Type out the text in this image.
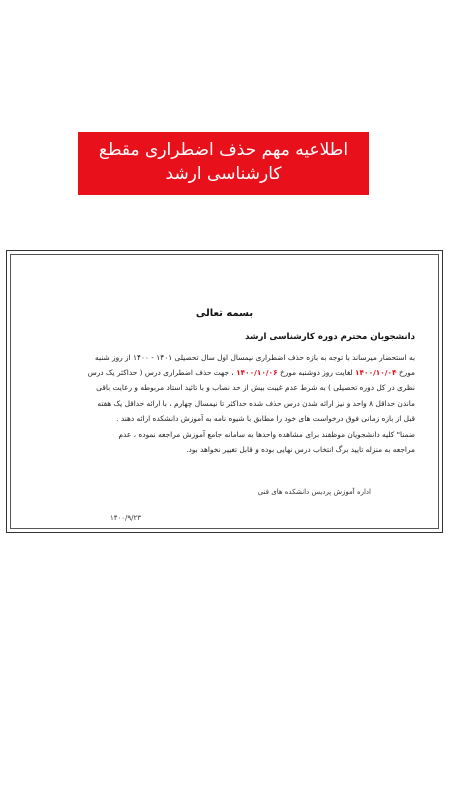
اطلاعیه مهم حذف اضطراری مقطع
کارشناسی ارشد
بسمه تعالی
دانشجویان محترم دوره کارشناسی ارشد
به استحضار میرساند با توجه به بازه حذف اضطراری نیمسال اول سال تحصیلی ۱۴۰۱ - ۱۴۰۰ از روز شنبه
مورخ ۱۴۰۰/۱۰/۰۴ لغایت روز دوشنبه مورخ ۱۴۰۰/۱۰/۰۶ ، جهت حذف اضطراری درس ( حداکثر یک درس
نظری در کل دوره تحصیلی ) به شرط عدم غیبت بیش از حد نصاب و با تائید استاد مربوطه و رعایت باقی
ماندن حداقل ۸ واحد و نیز ارائه شدن درس حذف شده حداکثر تا نیمسال چهارم ، با ارائه حداقل یک هفته
قبل از بازه زمانی فوق درخواست های خود را مطابق با شیوه نامه به آموزش دانشکده ارائه دهند .
ضمنا" کلیه دانشجویان موظفند برای مشاهده واحدها به سامانه جامع آموزش مراجعه نموده ، عدم
مراجعه به منزله تایید برگ انتخاب درس نهایی بوده و قابل تغییر نخواهد بود.
اداره آموزش پردیس دانشکده های فنی
۱۴۰۰/۹/۲۳
